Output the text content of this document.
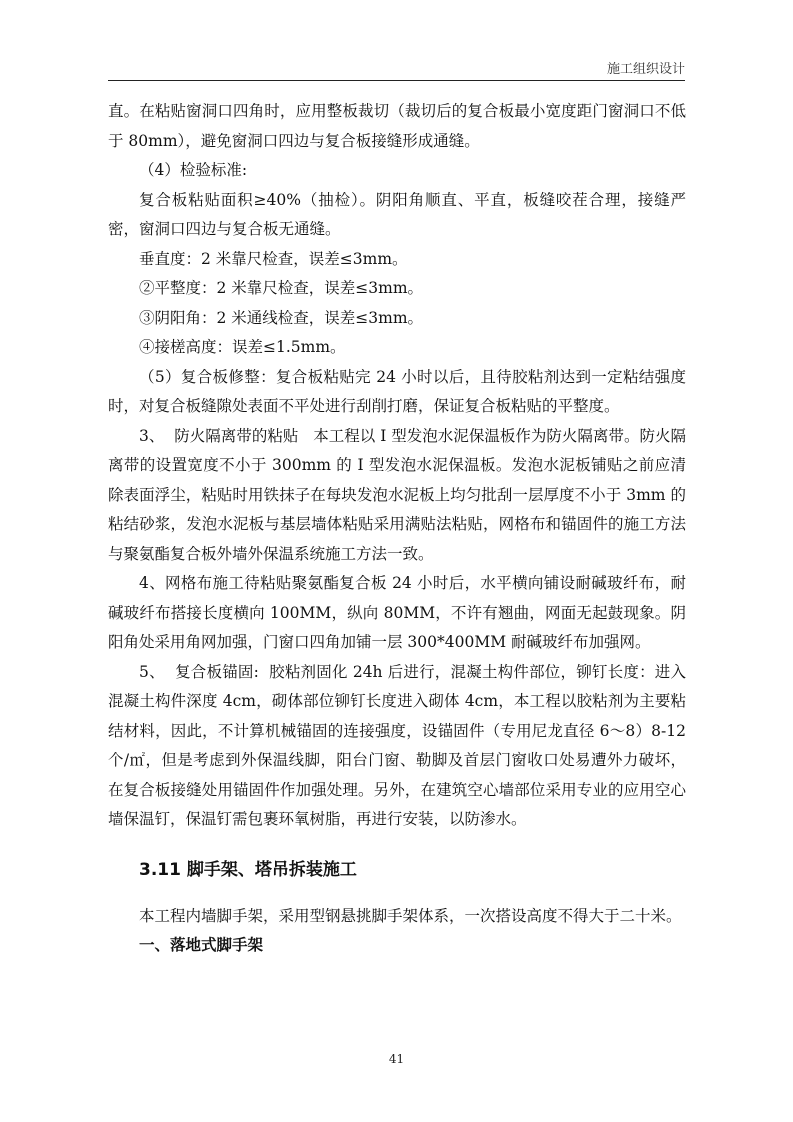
施工组织设计

直。在粘贴窗洞口四角时，应用整板裁切（裁切后的复合板最小宽度距门窗洞口不低于 80mm），避免窗洞口四边与复合板接缝形成通缝。

（4）检验标准:

复合板粘贴面积≥40%（抽检）。阴阳角顺直、平直，板缝咬茬合理，接缝严密，窗洞口四边与复合板无通缝。

垂直度：2 米靠尺检查，误差≤3mm。

②平整度：2 米靠尺检查，误差≤3mm。

③阴阳角：2 米通线检查，误差≤3mm。

④接槎高度：误差≤1.5mm。

（5）复合板修整：复合板粘贴完 24 小时以后，且待胶粘剂达到一定粘结强度时，对复合板缝隙处表面不平处进行刮削打磨，保证复合板粘贴的平整度。

3、  防火隔离带的粘贴   本工程以 I 型发泡水泥保温板作为防火隔离带。防火隔离带的设置宽度不小于 300mm 的 I 型发泡水泥保温板。发泡水泥板铺贴之前应清除表面浮尘，粘贴时用铁抹子在每块发泡水泥板上均匀批刮一层厚度不小于 3mm 的粘结砂浆，发泡水泥板与基层墙体粘贴采用满贴法粘贴，网格布和锚固件的施工方法与聚氨酯复合板外墙外保温系统施工方法一致。

4、网格布施工待粘贴聚氨酯复合板 24 小时后，水平横向铺设耐碱玻纤布，耐碱玻纤布搭接长度横向 100MM，纵向 80MM，不许有翘曲，网面无起鼓现象。阴阳角处采用角网加强，门窗口四角加铺一层 300*400MM 耐碱玻纤布加强网。

5、  复合板锚固:  胶粘剂固化 24h 后进行，混凝土构件部位，铆钉长度：进入混凝土构件深度 4cm，砌体部位铆钉长度进入砌体 4cm，本工程以胶粘剂为主要粘结材料，因此，不计算机械锚固的连接强度，设锚固件（专用尼龙直径 6～8）8-12 个/㎡，但是考虑到外保温线脚，阳台门窗、勒脚及首层门窗收口处易遭外力破坏，在复合板接缝处用锚固件作加强处理。另外，在建筑空心墙部位采用专业的应用空心墙保温钉，保温钉需包裹环氧树脂，再进行安装，以防渗水。

3.11 脚手架、塔吊拆装施工

本工程内墙脚手架，采用型钢悬挑脚手架体系，一次搭设高度不得大于二十米。

一、落地式脚手架
41
